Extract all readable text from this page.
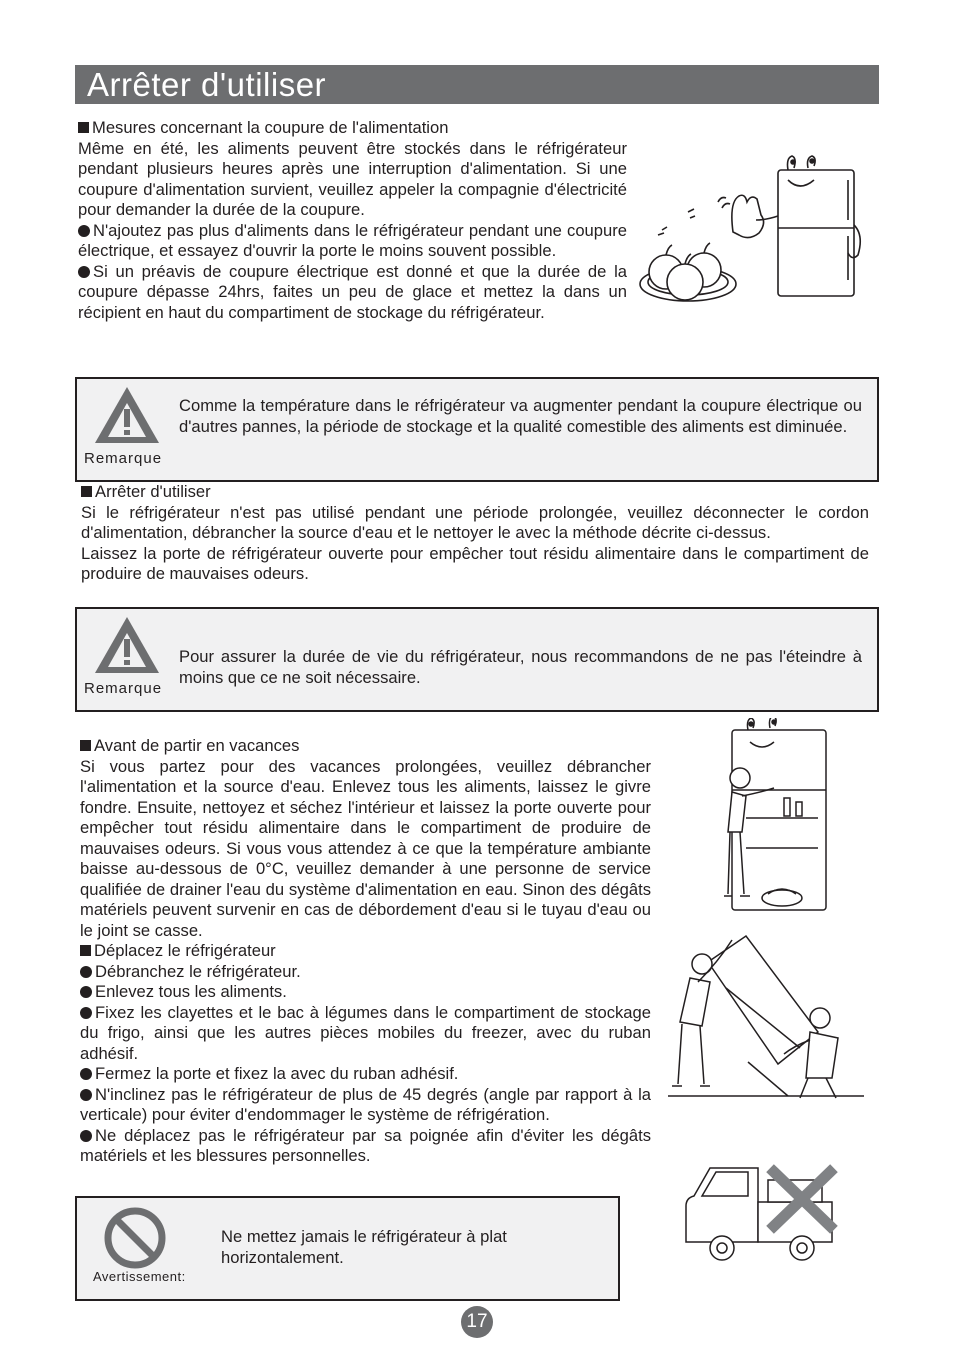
Arrêter d'utiliser

Mesures concernant la coupure de l'alimentation

Même en été, les aliments peuvent être stockés dans le réfrigérateur pendant plusieurs heures après une interruption d'alimentation. Si une coupure d'alimentation survient, veuillez appeler la compagnie d'électricité pour demander la durée de la coupure.

N'ajoutez pas plus d'aliments dans le réfrigérateur pendant une coupure électrique, et essayez d'ouvrir la porte le moins souvent possible.

Si un préavis de coupure électrique est donné et que la durée de la coupure dépasse 24hrs, faites un peu de glace et mettez la dans un récipient en haut du compartiment de stockage du réfrigérateur.

Remarque
Comme la température dans le réfrigérateur va augmenter pendant la coupure électrique ou d'autres pannes, la période de stockage et la qualité comestible des aliments est diminuée.

Arrêter d'utiliser

Si le réfrigérateur n'est pas utilisé pendant une période prolongée, veuillez déconnecter le cordon d'alimentation, débrancher la source d'eau et le nettoyer le avec la méthode décrite ci-dessus.

Laissez la porte de réfrigérateur ouverte pour empêcher tout résidu alimentaire dans le compartiment de produire de mauvaises odeurs.

Remarque
Pour assurer la durée de vie du réfrigérateur, nous recommandons de ne pas l'éteindre à moins que ce ne soit nécessaire.

Avant de partir en vacances

Si vous partez pour des vacances prolongées, veuillez débrancher l'alimentation et la source d'eau. Enlevez tous les aliments, laissez le givre fondre. Ensuite, nettoyez et séchez l'intérieur et laissez la porte ouverte pour empêcher tout résidu alimentaire dans le compartiment de produire de mauvaises odeurs. Si vous vous attendez à ce que la température ambiante baisse au-dessous de 0°C, veuillez demander à une personne de service qualifiée de drainer l'eau du système d'alimentation en eau. Sinon des dégâts matériels peuvent survenir en cas de débordement d'eau si le tuyau d'eau ou le joint se casse.

Déplacez le réfrigérateur

Débranchez le réfrigérateur.

Enlevez tous les aliments.

Fixez les clayettes et le bac à légumes dans le compartiment de stockage du frigo, ainsi que les autres pièces mobiles du freezer, avec du ruban adhésif.

Fermez la porte et fixez la avec du ruban adhésif.

N'inclinez pas le réfrigérateur de plus de 45 degrés (angle par rapport à la verticale) pour éviter d'endommager le système de réfrigération.

Ne déplacez pas le réfrigérateur par sa poignée afin d'éviter les dégâts matériels et les blessures personnelles.

Avertissement:
Ne mettez jamais le réfrigérateur à plat horizontalement.
17
